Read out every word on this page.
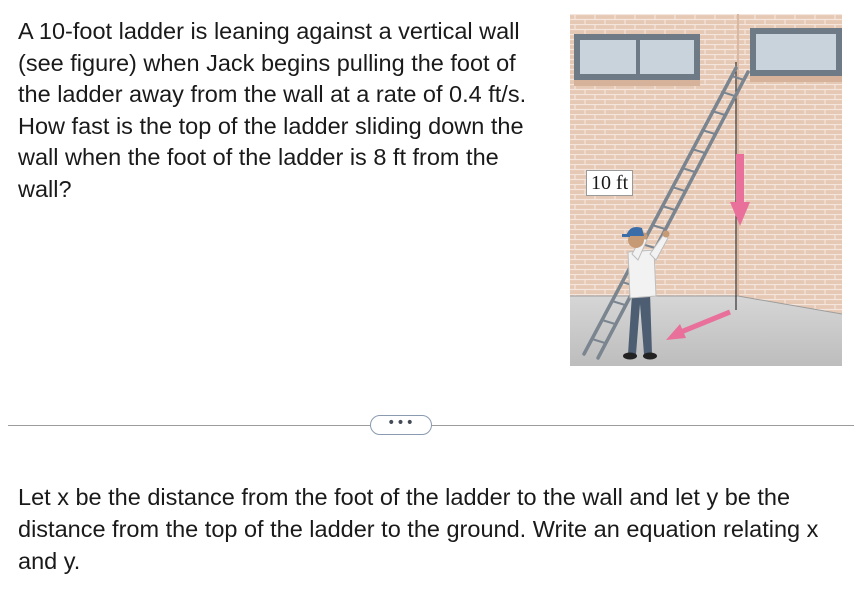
A 10-foot ladder is leaning against a vertical wall (see figure) when Jack begins pulling the foot of the ladder away from the wall at a rate of 0.4 ft/s. How fast is the top of the ladder sliding down the wall when the foot of the ladder is 8 ft from the wall?	10 ft
•••

Let x be the distance from the foot of the ladder to the wall and let y be the distance from the top of the ladder to the ground. Write an equation relating x and y.
